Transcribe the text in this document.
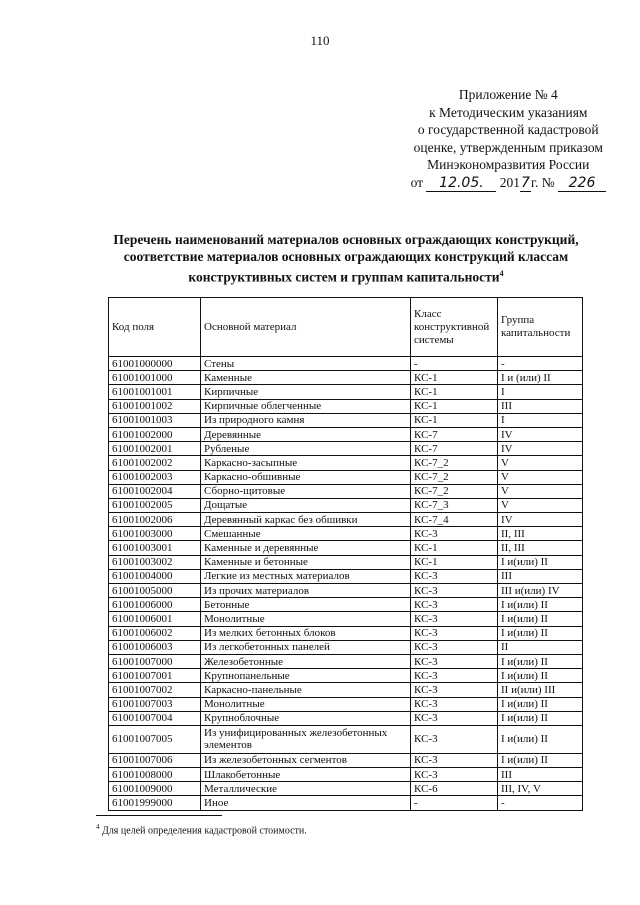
110
Приложение № 4
к Методическим указаниям
о государственной кадастровой
оценке, утвержденным приказом
Минэкономразвития России
от 12.05. 2017г. № 226
Перечень наименований материалов основных ограждающих конструкций, соответствие материалов основных ограждающих конструкций классам конструктивных систем и группам капитальности$^4$
Код поля	Основной материал	Класс конструктивной системы	Группа капитальности
61001000000	Стены	-	-
61001001000	Каменные	КС-1	I и (или) II
61001001001	Кирпичные	КС-1	I
61001001002	Кирпичные облегченные	КС-1	III
61001001003	Из природного камня	КС-1	I
61001002000	Деревянные	КС-7	IV
61001002001	Рубленые	КС-7	IV
61001002002	Каркасно-засыпные	КС-7_2	V
61001002003	Каркасно-обшивные	КС-7_2	V
61001002004	Сборно-щитовые	КС-7_2	V
61001002005	Дощатые	КС-7_3	V
61001002006	Деревянный каркас без обшивки	КС-7_4	IV
61001003000	Смешанные	КС-3	II, III
61001003001	Каменные и деревянные	КС-1	II, III
61001003002	Каменные и бетонные	КС-1	I и(или) II
61001004000	Легкие из местных материалов	КС-3	III
61001005000	Из прочих материалов	КС-3	III и(или) IV
61001006000	Бетонные	КС-3	I и(или) II
61001006001	Монолитные	КС-3	I и(или) II
61001006002	Из мелких бетонных блоков	КС-3	I и(или) II
61001006003	Из легкобетонных панелей	КС-3	II
61001007000	Железобетонные	КС-3	I и(или) II
61001007001	Крупнопанельные	КС-3	I и(или) II
61001007002	Каркасно-панельные	КС-3	II и(или) III
61001007003	Монолитные	КС-3	I и(или) II
61001007004	Крупноблочные	КС-3	I и(или) II
61001007005	Из унифицированных железобетонных элементов	КС-3	I и(или) II
61001007006	Из железобетонных сегментов	КС-3	I и(или) II
61001008000	Шлакобетонные	КС-3	III
61001009000	Металлические	КС-6	III, IV, V
61001999000	Иное	-	-
$^4$ Для целей определения кадастровой стоимости.
